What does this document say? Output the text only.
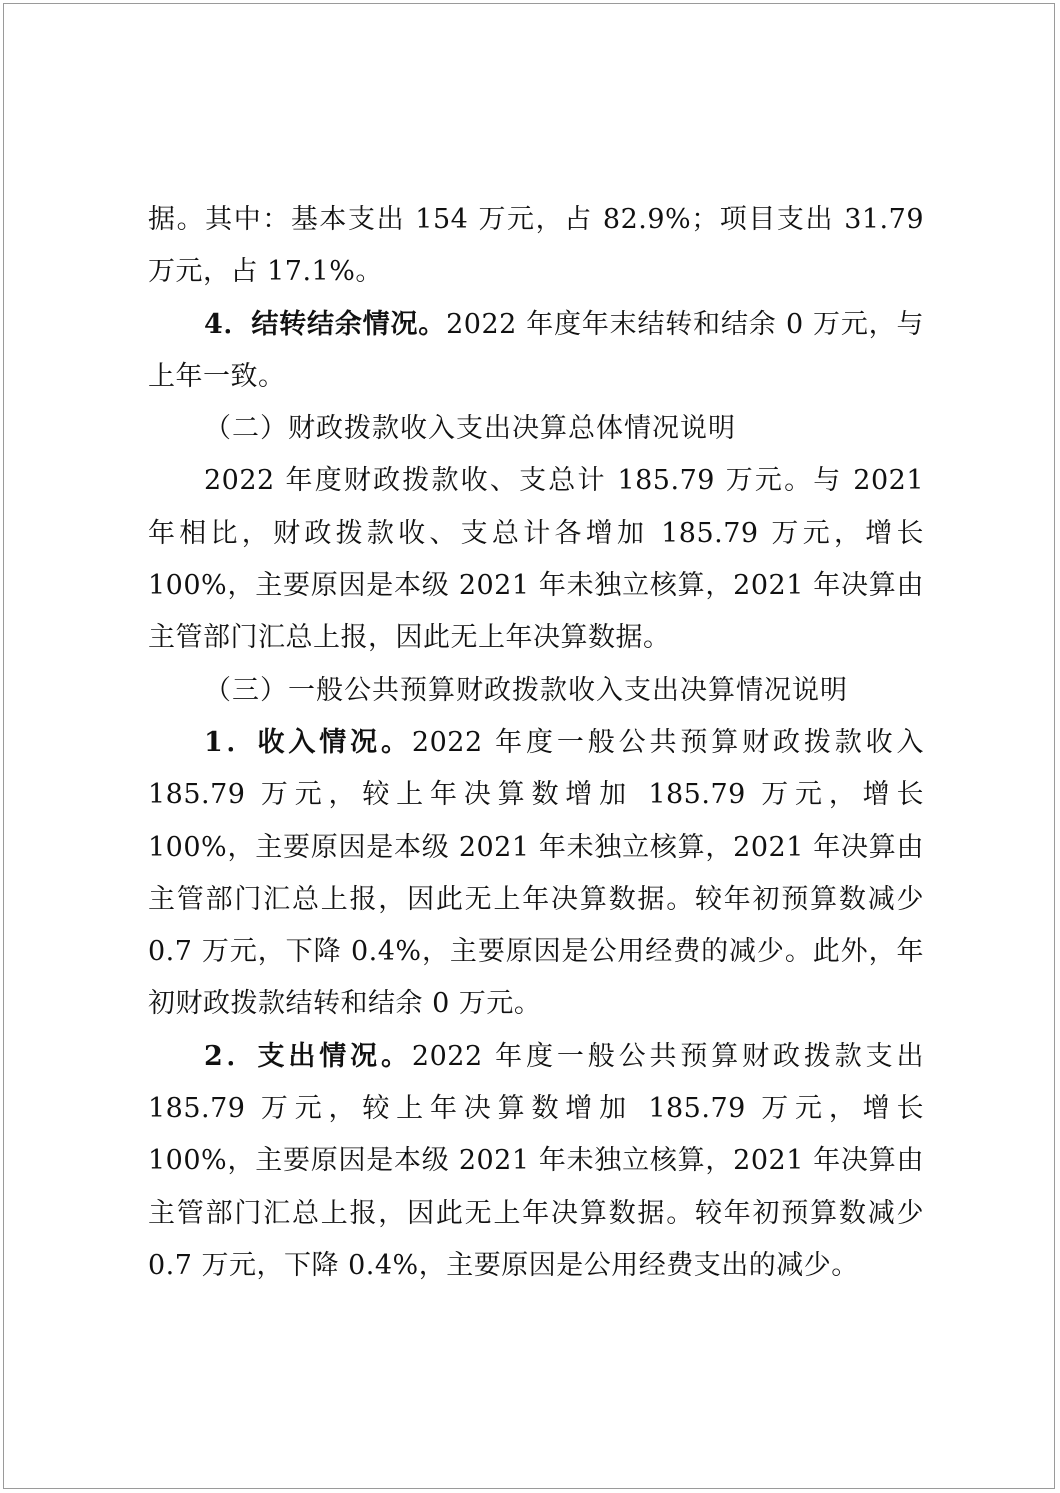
据。其中：基本支出 154 万元，占 82.9%；项目支出 31.79 万元，占 17.1%。

4．结转结余情况。2022 年度年末结转和结余 0 万元，与上年一致。

（二）财政拨款收入支出决算总体情况说明

2022 年度财政拨款收、支总计 185.79 万元。与 2021 年相比，财政拨款收、支总计各增加 185.79 万元，增长 100%，主要原因是本级 2021 年未独立核算，2021 年决算由主管部门汇总上报，因此无上年决算数据。

（三）一般公共预算财政拨款收入支出决算情况说明

1．收入情况。2022 年度一般公共预算财政拨款收入 185.79 万元，较上年决算数增加 185.79 万元，增长 100%，主要原因是本级 2021 年未独立核算，2021 年决算由主管部门汇总上报，因此无上年决算数据。较年初预算数减少 0.7 万元，下降 0.4%，主要原因是公用经费的减少。此外，年初财政拨款结转和结余 0 万元。

2．支出情况。2022 年度一般公共预算财政拨款支出 185.79 万元，较上年决算数增加 185.79 万元，增长 100%，主要原因是本级 2021 年未独立核算，2021 年决算由主管部门汇总上报，因此无上年决算数据。较年初预算数减少 0.7 万元，下降 0.4%，主要原因是公用经费支出的减少。
